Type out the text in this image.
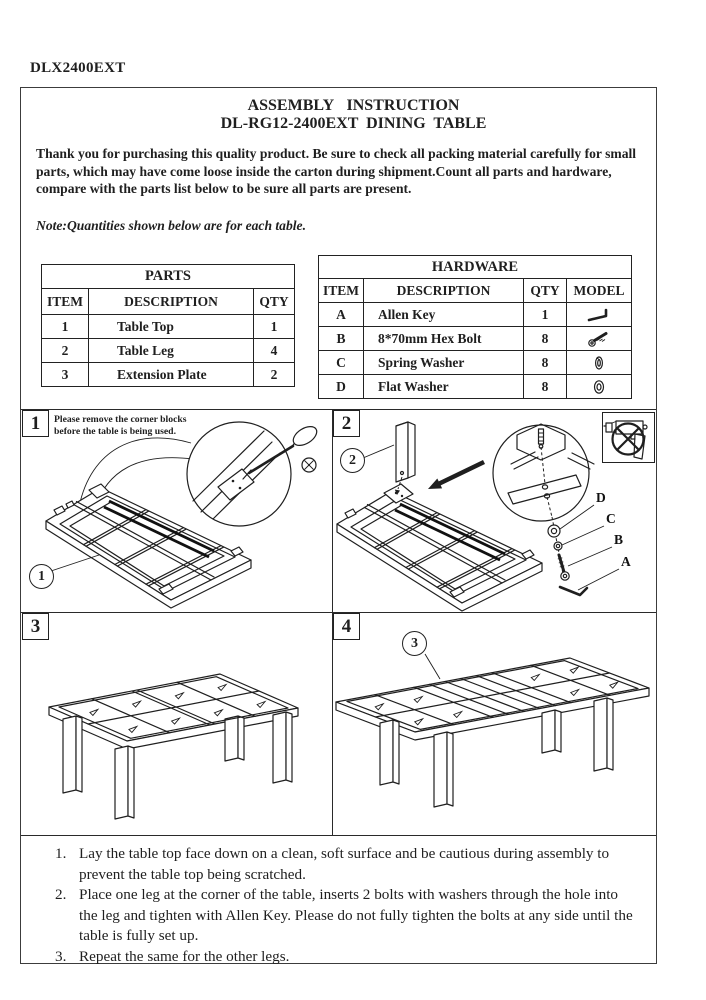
DLX2400EXT
ASSEMBLY INSTRUCTION
DL-RG12-2400EXT DINING TABLE

Thank you for purchasing this quality product. Be sure to check all packing material carefully for small parts, which may have come loose inside the carton during shipment.Count all parts and hardware, compare with the parts list below to be sure all parts are present.

Note:Quantities shown below are for each table.

PARTS		
ITEM	DESCRIPTION	QTY
1	Table Top	1
2	Table Leg	4
3	Extension Plate	2
HARDWARE			
ITEM	DESCRIPTION	QTY	MODEL
A	Allen Key	1	

B	8*70mm Hex Bolt	8	

C	Spring Washer	8	

D	Flat Washer	8	
1 Please remove the corner blocks
before the table is being used.
1
D
C
B
A
2
2
3	4
3
1. Lay the table top face down on a clean, soft surface and be cautious during assembly to prevent the table top being scratched.
2. Place one leg at the corner of the table, inserts 2 bolts with washers through the hole into the leg and tighten with Allen Key. Please do not fully tighten the bolts at any side until the table is fully set up.
3. Repeat the same for the other legs.
